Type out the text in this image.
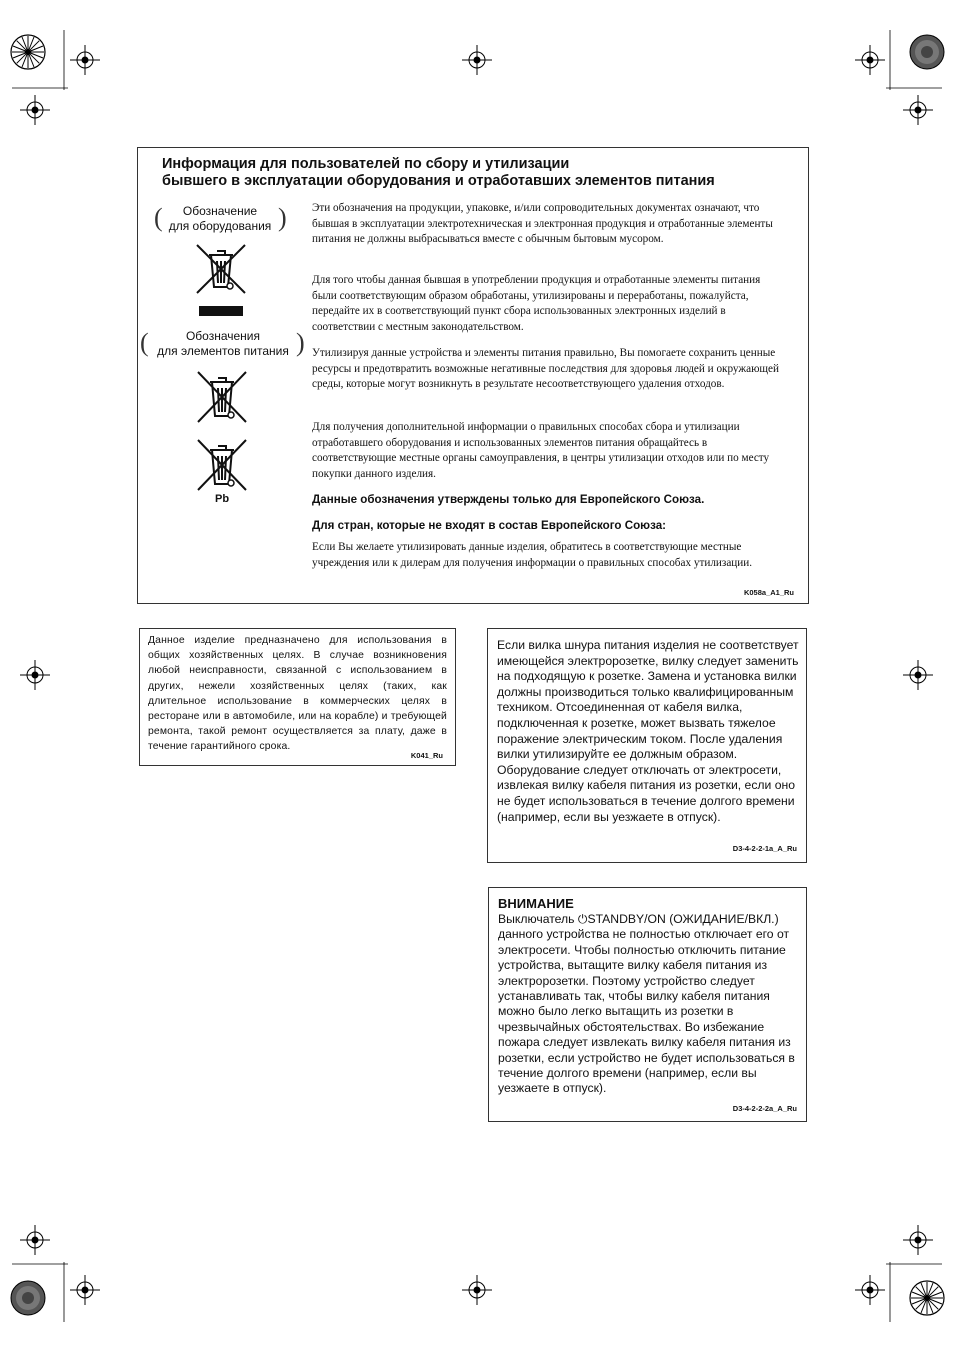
Информация для пользователей по сбору и утилизации
бывшего в эксплуатации оборудования и отработавших элементов питания
(	Обозначение
для оборудования )
(	Обозначения
для элементов питания )
Pb
Эти обозначения на продукции, упаковке, и/или сопроводительных документах означают, что бывшая в эксплуатации электротехническая и электронная продукция и отработанные элементы питания не должны выбрасываться вместе с обычным бытовым мусором.
Для того чтобы данная бывшая в употреблении продукция и отработанные элементы питания были соответствующим образом обработаны, утилизированы и переработаны, пожалуйста, передайте их в соответствующий пункт сбора использованных электронных изделий в соответствии с местным законодательством.
Утилизируя данные устройства и элементы питания правильно, Вы помогаете сохранить ценные ресурсы и предотвратить возможные негативные последствия для здоровья людей и окружающей среды, которые могут возникнуть в результате несоответствующего удаления отходов.
Для получения дополнительной информации о правильных способах сбора и утилизации отработавшего оборудования и использованных элементов питания обращайтесь в соответствующие местные органы самоуправления, в центры утилизации отходов или по месту покупки данного изделия.
Данные обозначения утверждены только для Европейского Союза.
Для стран, которые не входят в состав Европейского Союза:
Если Вы желаете утилизировать данные изделия, обратитесь в соответствующие местные учреждения или к дилерам для получения информации о правильных способах утилизации.
K058a_A1_Ru
Данное изделие предназначено для использования в общих хозяйственных целях. В случае возникновения любой неисправности, связанной с использованием в других, нежели хозяйственных целях (таких, как длительное использование в коммерческих целях в ресторане или в автомобиле, или на корабле) и требующей ремонта, такой ремонт осуществляется за плату, даже в течение гарантийного срока.
K041_Ru
Если вилка шнура питания изделия не соответствует имеющейся электророзетке, вилку следует заменить на подходящую к розетке. Замена и установка вилки должны производиться только квалифицированным техником. Отсоединенная от кабеля вилка, подключенная к розетке, может вызвать тяжелое поражение электрическим током. После удаления вилки утилизируйте ее должным образом. Оборудование следует отключать от электросети, извлекая вилку кабеля питания из розетки, если оно не будет использоваться в течение долгого времени (например, если вы уезжаете в отпуск).
D3-4-2-2-1a_A_Ru
ВНИМАНИЕ
Выключатель ⏻STANDBY/ON (ОЖИДАНИЕ/ВКЛ.) данного устройства не полностью отключает его от электросети. Чтобы полностью отключить питание устройства, вытащите вилку кабеля питания из электророзетки. Поэтому устройство следует устанавливать так, чтобы вилку кабеля питания можно было легко вытащить из розетки в чрезвычайных обстоятельствах. Во избежание пожара следует извлекать вилку кабеля питания из розетки, если устройство не будет использоваться в течение долгого времени (например, если вы уезжаете в отпуск).
D3-4-2-2-2a_A_Ru
